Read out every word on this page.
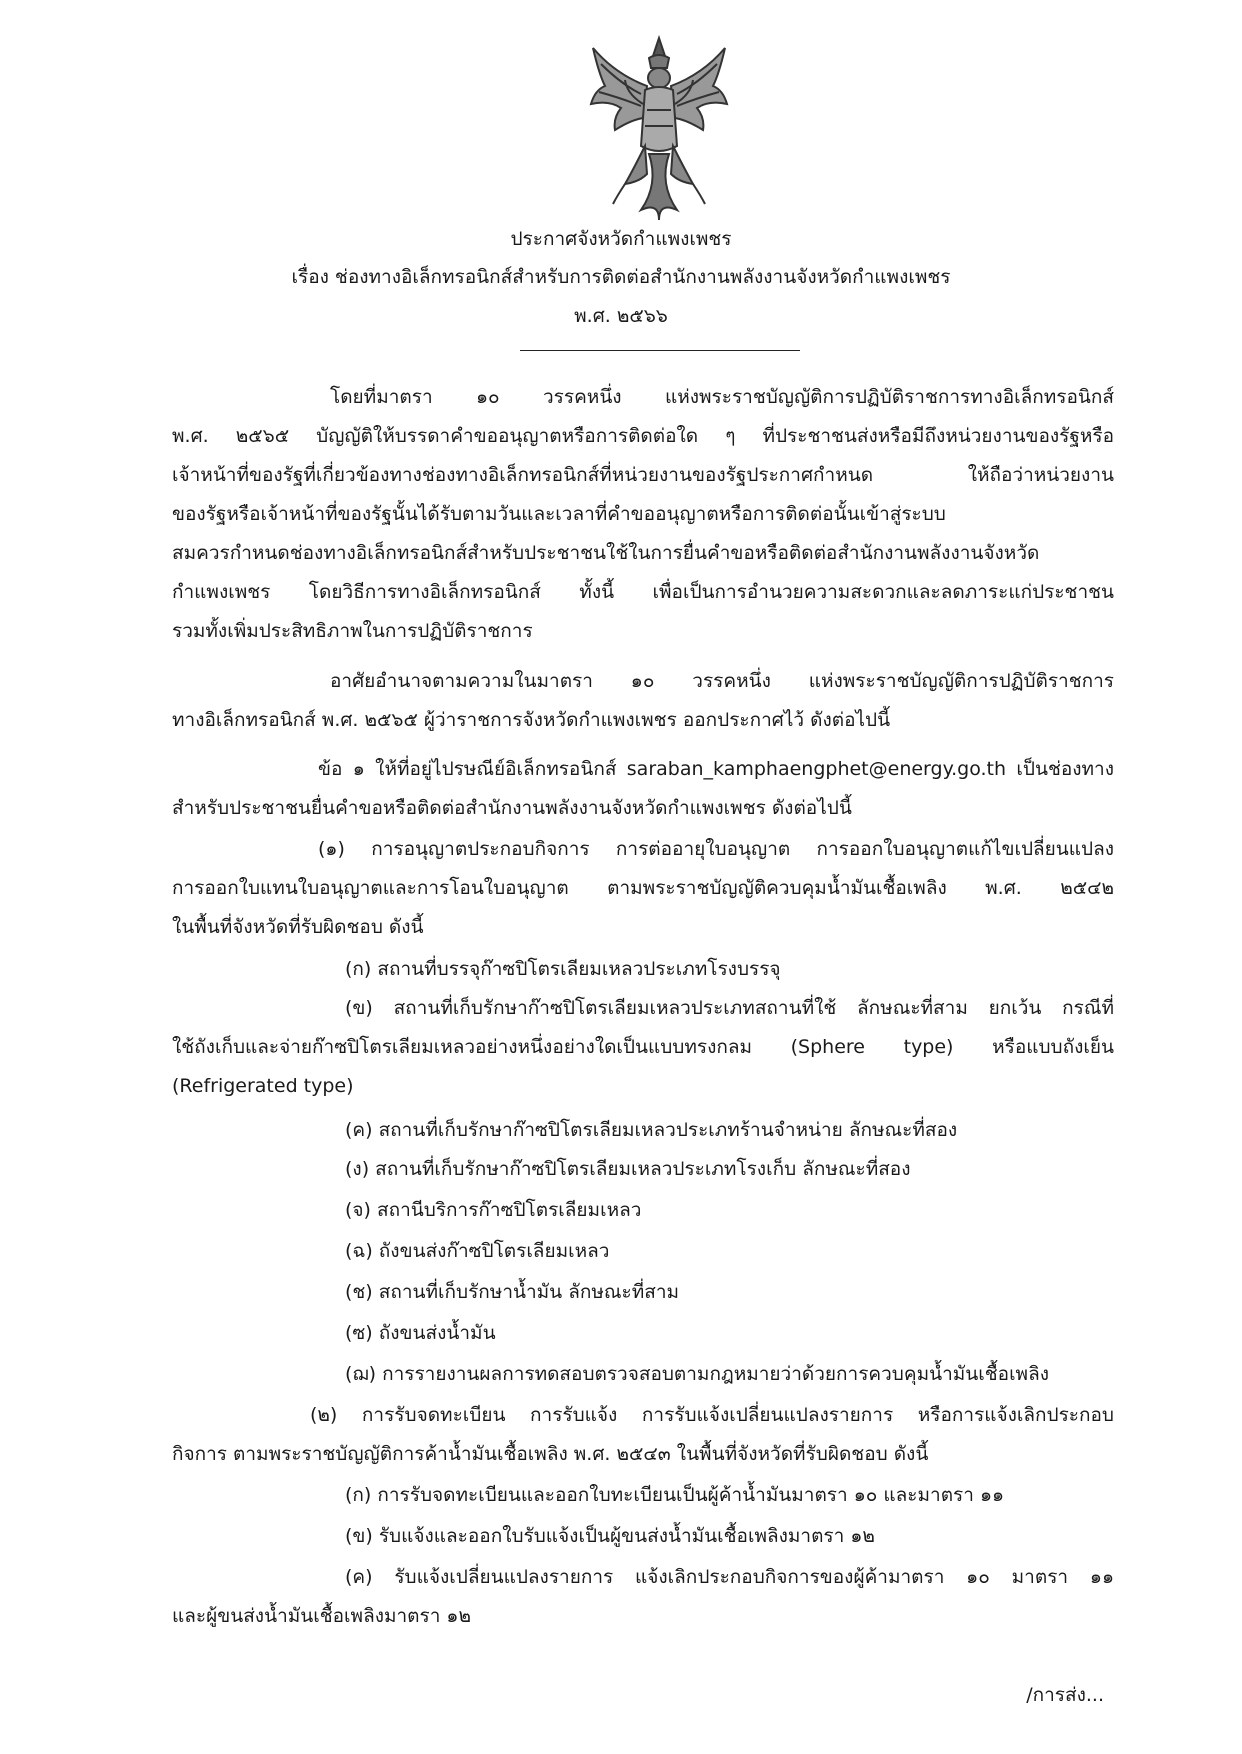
ประกาศจังหวัดกำแพงเพชร
เรื่อง ช่องทางอิเล็กทรอนิกส์สำหรับการติดต่อสำนักงานพลังงานจังหวัดกำแพงเพชร
พ.ศ. ๒๕๖๖
โดยที่มาตรา ๑๐ วรรคหนึ่ง แห่งพระราชบัญญัติการปฏิบัติราชการทางอิเล็กทรอนิกส์
พ.ศ. ๒๕๖๕ บัญญัติให้บรรดาคำขออนุญาตหรือการติดต่อใด ๆ ที่ประชาชนส่งหรือมีถึงหน่วยงานของรัฐหรือ
เจ้าหน้าที่ของรัฐที่เกี่ยวข้องทางช่องทางอิเล็กทรอนิกส์ที่หน่วยงานของรัฐประกาศกำหนด ให้ถือว่าหน่วยงาน
ของรัฐหรือเจ้าหน้าที่ของรัฐนั้นได้รับตามวันและเวลาที่คำขออนุญาตหรือการติดต่อนั้นเข้าสู่ระบบ
สมควรกำหนดช่องทางอิเล็กทรอนิกส์สำหรับประชาชนใช้ในการยื่นคำขอหรือติดต่อสำนักงานพลังงานจังหวัด
กำแพงเพชร โดยวิธีการทางอิเล็กทรอนิกส์ ทั้งนี้ เพื่อเป็นการอำนวยความสะดวกและลดภาระแก่ประชาชน
รวมทั้งเพิ่มประสิทธิภาพในการปฏิบัติราชการ
อาศัยอำนาจตามความในมาตรา ๑๐ วรรคหนึ่ง แห่งพระราชบัญญัติการปฏิบัติราชการ
ทางอิเล็กทรอนิกส์ พ.ศ. ๒๕๖๕ ผู้ว่าราชการจังหวัดกำแพงเพชร ออกประกาศไว้ ดังต่อไปนี้
ข้อ ๑ ให้ที่อยู่ไปรษณีย์อิเล็กทรอนิกส์ saraban_kamphaengphet@energy.go.th เป็นช่องทาง
สำหรับประชาชนยื่นคำขอหรือติดต่อสำนักงานพลังงานจังหวัดกำแพงเพชร ดังต่อไปนี้
(๑) การอนุญาตประกอบกิจการ การต่ออายุใบอนุญาต การออกใบอนุญาตแก้ไขเปลี่ยนแปลง
การออกใบแทนใบอนุญาตและการโอนใบอนุญาต ตามพระราชบัญญัติควบคุมน้ำมันเชื้อเพลิง พ.ศ. ๒๕๔๒
ในพื้นที่จังหวัดที่รับผิดชอบ ดังนี้
(ก) สถานที่บรรจุก๊าซปิโตรเลียมเหลวประเภทโรงบรรจุ
(ข) สถานที่เก็บรักษาก๊าซปิโตรเลียมเหลวประเภทสถานที่ใช้ ลักษณะที่สาม ยกเว้น กรณีที่
ใช้ถังเก็บและจ่ายก๊าซปิโตรเลียมเหลวอย่างหนึ่งอย่างใดเป็นแบบทรงกลม (Sphere type) หรือแบบถังเย็น
(Refrigerated type)
(ค) สถานที่เก็บรักษาก๊าซปิโตรเลียมเหลวประเภทร้านจำหน่าย ลักษณะที่สอง
(ง) สถานที่เก็บรักษาก๊าซปิโตรเลียมเหลวประเภทโรงเก็บ ลักษณะที่สอง
(จ) สถานีบริการก๊าซปิโตรเลียมเหลว
(ฉ) ถังขนส่งก๊าซปิโตรเลียมเหลว
(ช) สถานที่เก็บรักษาน้ำมัน ลักษณะที่สาม
(ซ) ถังขนส่งน้ำมัน
(ฌ) การรายงานผลการทดสอบตรวจสอบตามกฎหมายว่าด้วยการควบคุมน้ำมันเชื้อเพลิง
(๒) การรับจดทะเบียน การรับแจ้ง การรับแจ้งเปลี่ยนแปลงรายการ หรือการแจ้งเลิกประกอบ
กิจการ ตามพระราชบัญญัติการค้าน้ำมันเชื้อเพลิง พ.ศ. ๒๕๔๓ ในพื้นที่จังหวัดที่รับผิดชอบ ดังนี้
(ก) การรับจดทะเบียนและออกใบทะเบียนเป็นผู้ค้าน้ำมันมาตรา ๑๐ และมาตรา ๑๑
(ข) รับแจ้งและออกใบรับแจ้งเป็นผู้ขนส่งน้ำมันเชื้อเพลิงมาตรา ๑๒
(ค) รับแจ้งเปลี่ยนแปลงรายการ แจ้งเลิกประกอบกิจการของผู้ค้ามาตรา ๑๐ มาตรา ๑๑
และผู้ขนส่งน้ำมันเชื้อเพลิงมาตรา ๑๒
/การส่ง...
